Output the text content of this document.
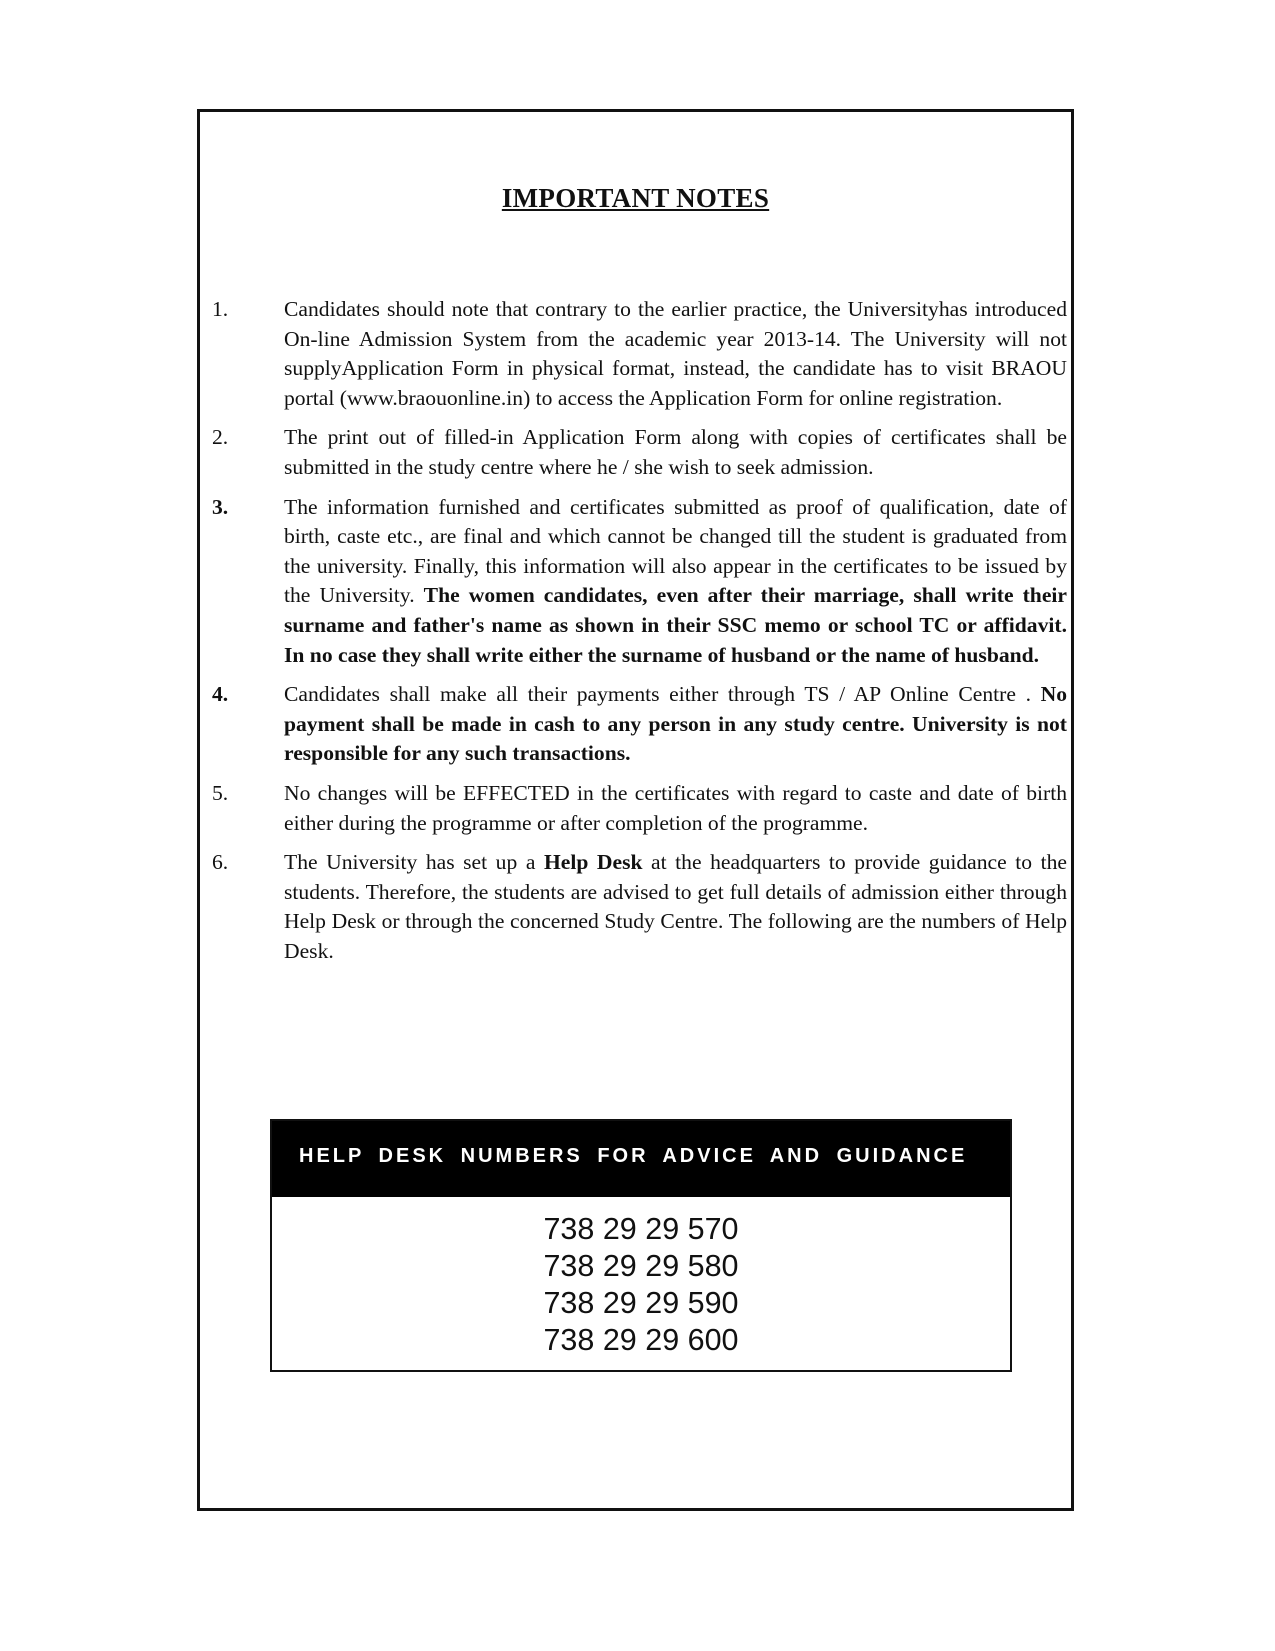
IMPORTANT NOTES
1.	Candidates should note that contrary to the earlier practice, the Universityhas introduced On-line Admission System from the academic year 2013-14. The University will not supplyApplication Form in physical format, instead, the candidate has to visit BRAOU portal (www.braouonline.in) to access the Application Form for online registration.
2.	The print out of filled-in Application Form along with copies of certificates shall be submitted in the study centre where he / she wish to seek admission.
3.	The information furnished and certificates submitted as proof of qualification, date of birth, caste etc., are final and which cannot be changed till the student is graduated from the university. Finally, this information will also appear in the certificates to be issued by the University. The women candidates, even after their marriage, shall write their surname and father's name as shown in their SSC memo or school TC or affidavit. In no case they shall write either the surname of husband or the name of husband.
4.	Candidates shall make all their payments either through TS / AP Online Centre . No payment shall be made in cash to any person in any study centre. University is not responsible for any such transactions.
5.	No changes will be EFFECTED in the certificates with regard to caste and date of birth either during the programme or after completion of the programme.
6.	The University has set up a Help Desk at the headquarters to provide guidance to the students. Therefore, the students are advised to get full details of admission either through Help Desk or through the concerned Study Centre. The following are the numbers of Help Desk.
HELP DESK NUMBERS FOR ADVICE AND GUIDANCE
738 29 29 570
738 29 29 580
738 29 29 590
738 29 29 600
